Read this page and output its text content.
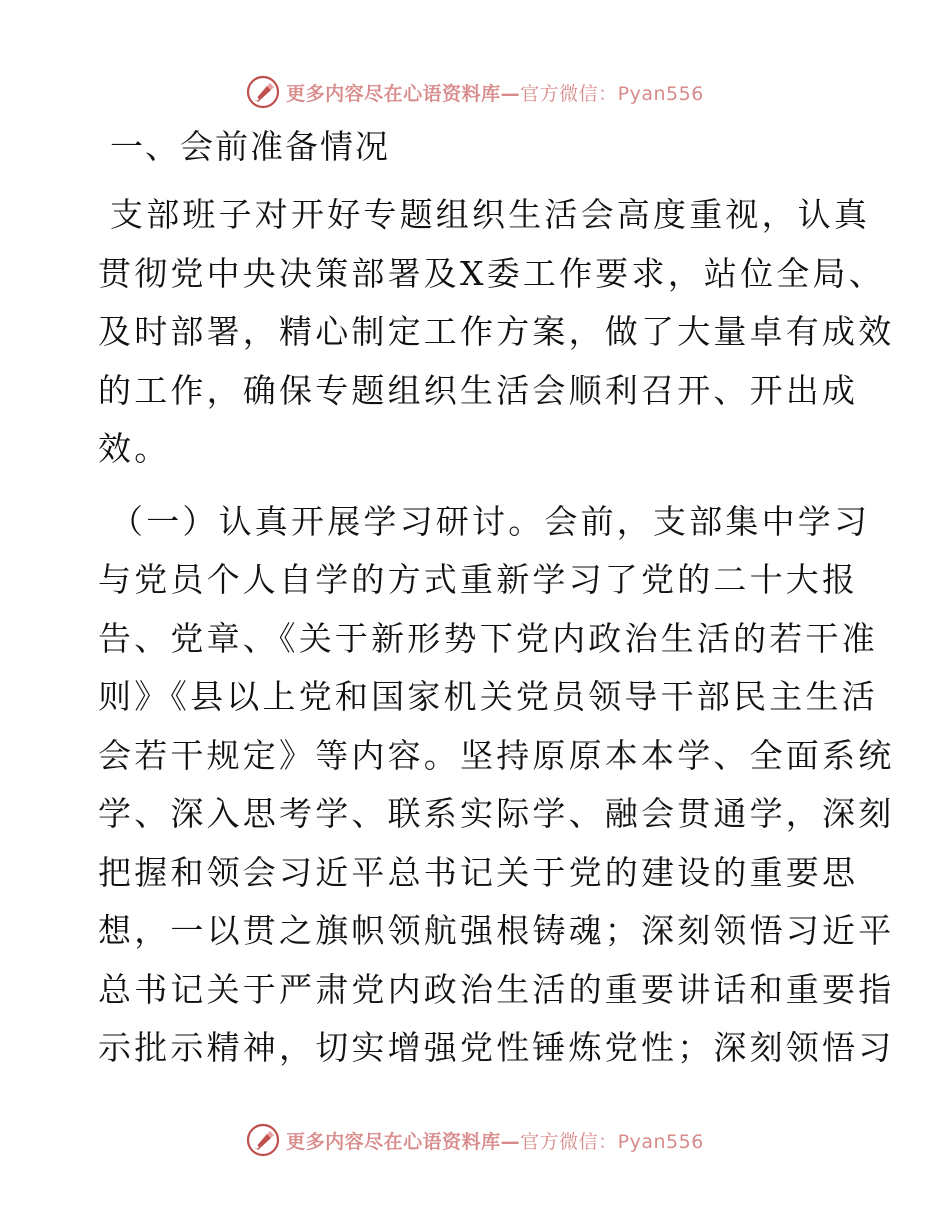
更多内容尽在心语资料库—官方微信：Pyan556
一、会前准备情况
支部班子对开好专题组织生活会高度重视，认真
贯彻党中央决策部署及X委工作要求，站位全局、
及时部署，精心制定工作方案，做了大量卓有成效
的工作，确保专题组织生活会顺利召开、开出成
效。
（一）认真开展学习研讨。会前，支部集中学习
与党员个人自学的方式重新学习了党的二十大报
告、党章、《关于新形势下党内政治生活的若干准
则》《县以上党和国家机关党员领导干部民主生活
会若干规定》等内容。坚持原原本本学、全面系统
学、深入思考学、联系实际学、融会贯通学，深刻
把握和领会习近平总书记关于党的建设的重要思
想，一以贯之旗帜领航强根铸魂；深刻领悟习近平
总书记关于严肃党内政治生活的重要讲话和重要指
示批示精神，切实增强党性锤炼党性；深刻领悟习
更多内容尽在心语资料库—官方微信：Pyan556
